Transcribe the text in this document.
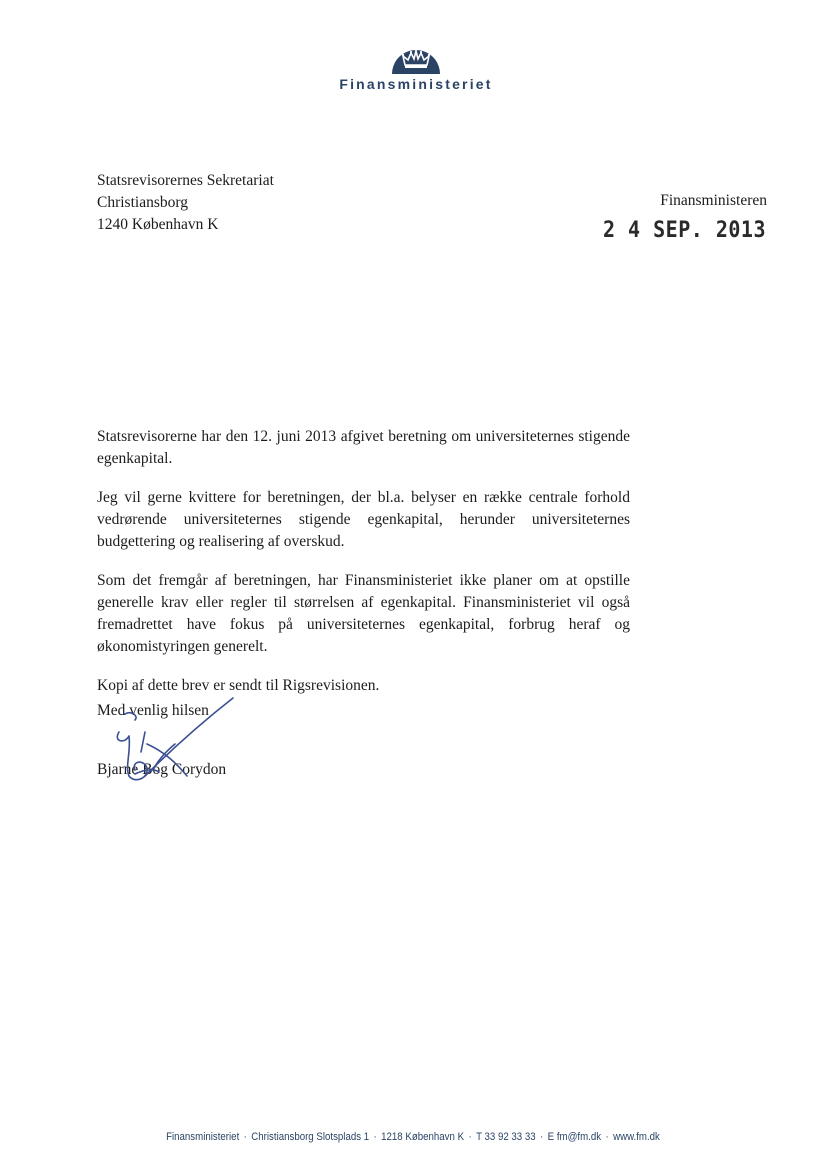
Finansministeriet
Statsrevisorernes Sekretariat
Christiansborg
1240 København K
Finansministeren
2 4 SEP. 2013

Statsrevisorerne har den 12. juni 2013 afgivet beretning om universiteternes stigende egenkapital.

Jeg vil gerne kvittere for beretningen, der bl.a. belyser en række centrale forhold vedrørende universiteternes stigende egenkapital, herunder universiteternes budgettering og realisering af overskud.

Som det fremgår af beretningen, har Finansministeriet ikke planer om at opstille generelle krav eller regler til størrelsen af egenkapital. Finansministeriet vil også fremadrettet have fokus på universiteternes egenkapital, forbrug heraf og økonomistyringen generelt.

Kopi af dette brev er sendt til Rigsrevisionen.

Med venlig hilsen
Bjarne Bog Corydon
Finansministeriet · Christiansborg Slotsplads 1 · 1218 København K · T 33 92 33 33 · E fm@fm.dk · www.fm.dk
